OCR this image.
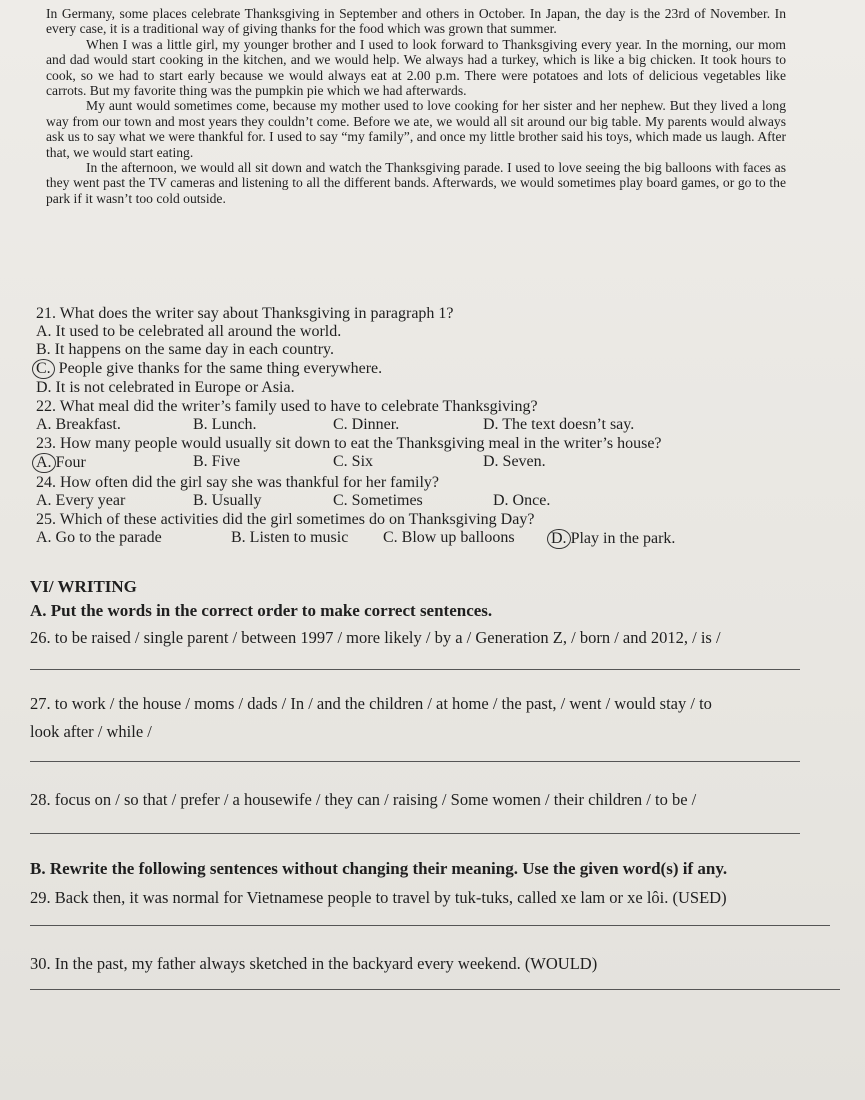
In Germany, some places celebrate Thanksgiving in September and others in October. In Japan, the day is the 23rd of November. In every case, it is a traditional way of giving thanks for the food which was grown that summer.

When I was a little girl, my younger brother and I used to look forward to Thanksgiving every year. In the morning, our mom and dad would start cooking in the kitchen, and we would help. We always had a turkey, which is like a big chicken. It took hours to cook, so we had to start early because we would always eat at 2.00 p.m. There were potatoes and lots of delicious vegetables like carrots. But my favorite thing was the pumpkin pie which we had afterwards.

My aunt would sometimes come, because my mother used to love cooking for her sister and her nephew. But they lived a long way from our town and most years they couldn’t come. Before we ate, we would all sit around our big table. My parents would always ask us to say what we were thankful for. I used to say “my family”, and once my little brother said his toys, which made us laugh. After that, we would start eating.

In the afternoon, we would all sit down and watch the Thanksgiving parade. I used to love seeing the big balloons with faces as they went past the TV cameras and listening to all the different bands. Afterwards, we would sometimes play board games, or go to the park if it wasn’t too cold outside.

21. What does the writer say about Thanksgiving in paragraph 1?
A. It used to be celebrated all around the world.
B. It happens on the same day in each country.
C. People give thanks for the same thing everywhere.
D. It is not celebrated in Europe or Asia.
22. What meal did the writer’s family used to have to celebrate Thanksgiving?
A. Breakfast.	B. Lunch.	C. Dinner.	D. The text doesn’t say.
23. How many people would usually sit down to eat the Thanksgiving meal in the writer’s house?
A.Four	B. Five	C. Six	D. Seven.
24. How often did the girl say she was thankful for her family?
A. Every year	B. Usually	C. Sometimes	D. Once.
25. Which of these activities did the girl sometimes do on Thanksgiving Day?
A. Go to the parade	B. Listen to music	C. Blow up balloons	D.Play in the park.
VI/ WRITING
A. Put the words in the correct order to make correct sentences.
26. to be raised / single parent / between 1997 / more likely / by a / Generation Z, / born / and 2012, / is /
27. to work / the house / moms / dads / In / and the children / at home / the past, / went / would stay / to
look after / while /
28. focus on / so that / prefer / a housewife / they can / raising / Some women / their children / to be /
B. Rewrite the following sentences without changing their meaning. Use the given word(s) if any.
29. Back then, it was normal for Vietnamese people to travel by tuk-tuks, called xe lam or xe lôi. (USED)
30. In the past, my father always sketched in the backyard every weekend. (WOULD)
